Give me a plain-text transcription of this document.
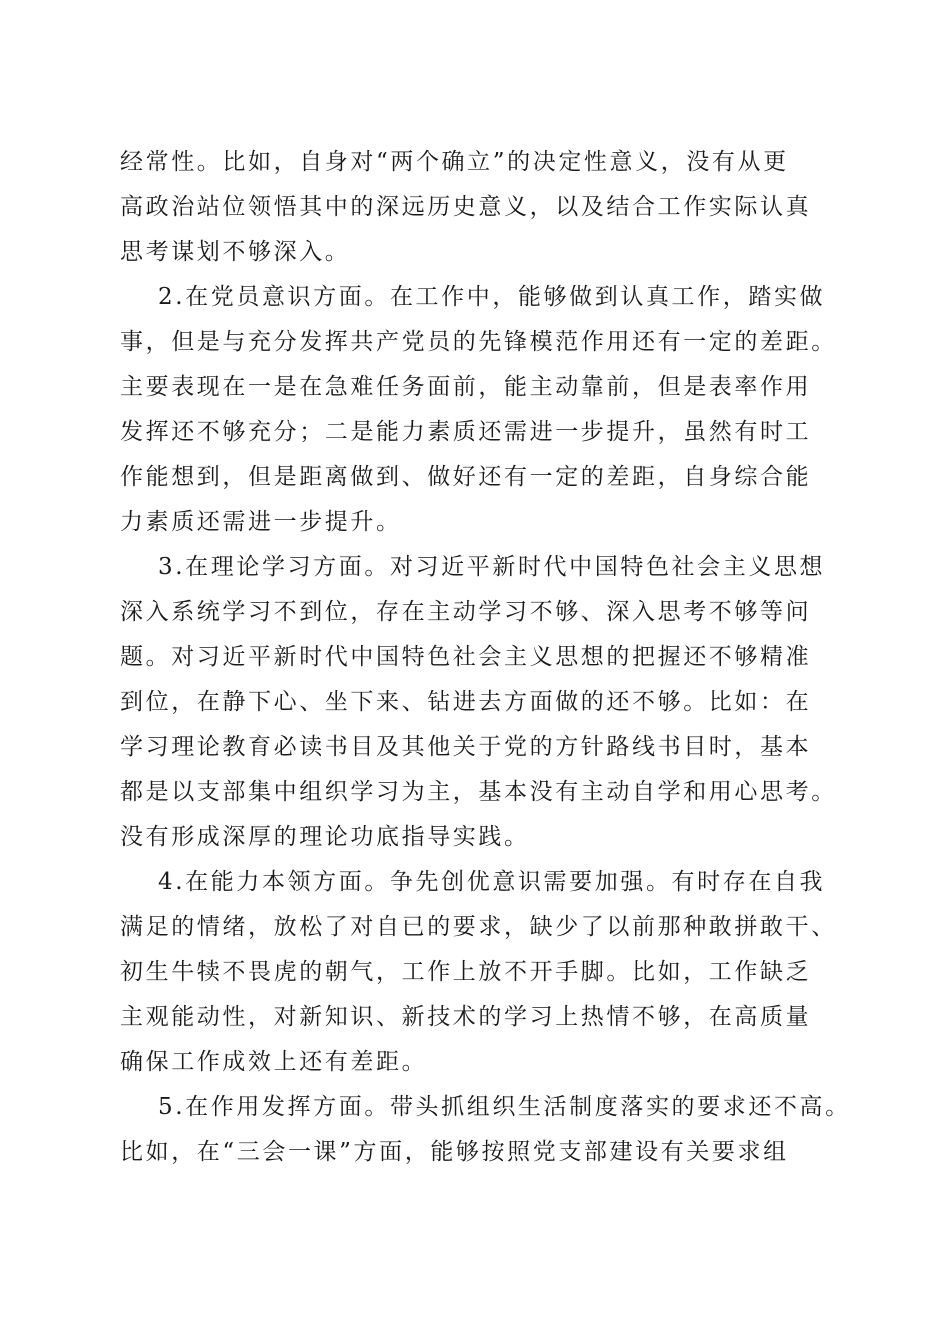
经常性。比如，自身对“两个确立”的决定性意义，没有从更
高政治站位领悟其中的深远历史意义，以及结合工作实际认真
思考谋划不够深入。
2.在党员意识方面。在工作中，能够做到认真工作，踏实做
事，但是与充分发挥共产党员的先锋模范作用还有一定的差距。
主要表现在一是在急难任务面前，能主动靠前，但是表率作用
发挥还不够充分；二是能力素质还需进一步提升，虽然有时工
作能想到，但是距离做到、做好还有一定的差距，自身综合能
力素质还需进一步提升。
3.在理论学习方面。对习近平新时代中国特色社会主义思想
深入系统学习不到位，存在主动学习不够、深入思考不够等问
题。对习近平新时代中国特色社会主义思想的把握还不够精准
到位，在静下心、坐下来、钻进去方面做的还不够。比如：在
学习理论教育必读书目及其他关于党的方针路线书目时，基本
都是以支部集中组织学习为主，基本没有主动自学和用心思考。
没有形成深厚的理论功底指导实践。
4.在能力本领方面。争先创优意识需要加强。有时存在自我
满足的情绪，放松了对自已的要求，缺少了以前那种敢拼敢干、
初生牛犊不畏虎的朝气，工作上放不开手脚。比如，工作缺乏
主观能动性，对新知识、新技术的学习上热情不够，在高质量
确保工作成效上还有差距。
5.在作用发挥方面。带头抓组织生活制度落实的要求还不高。
比如，在“三会一课”方面，能够按照党支部建设有关要求组
